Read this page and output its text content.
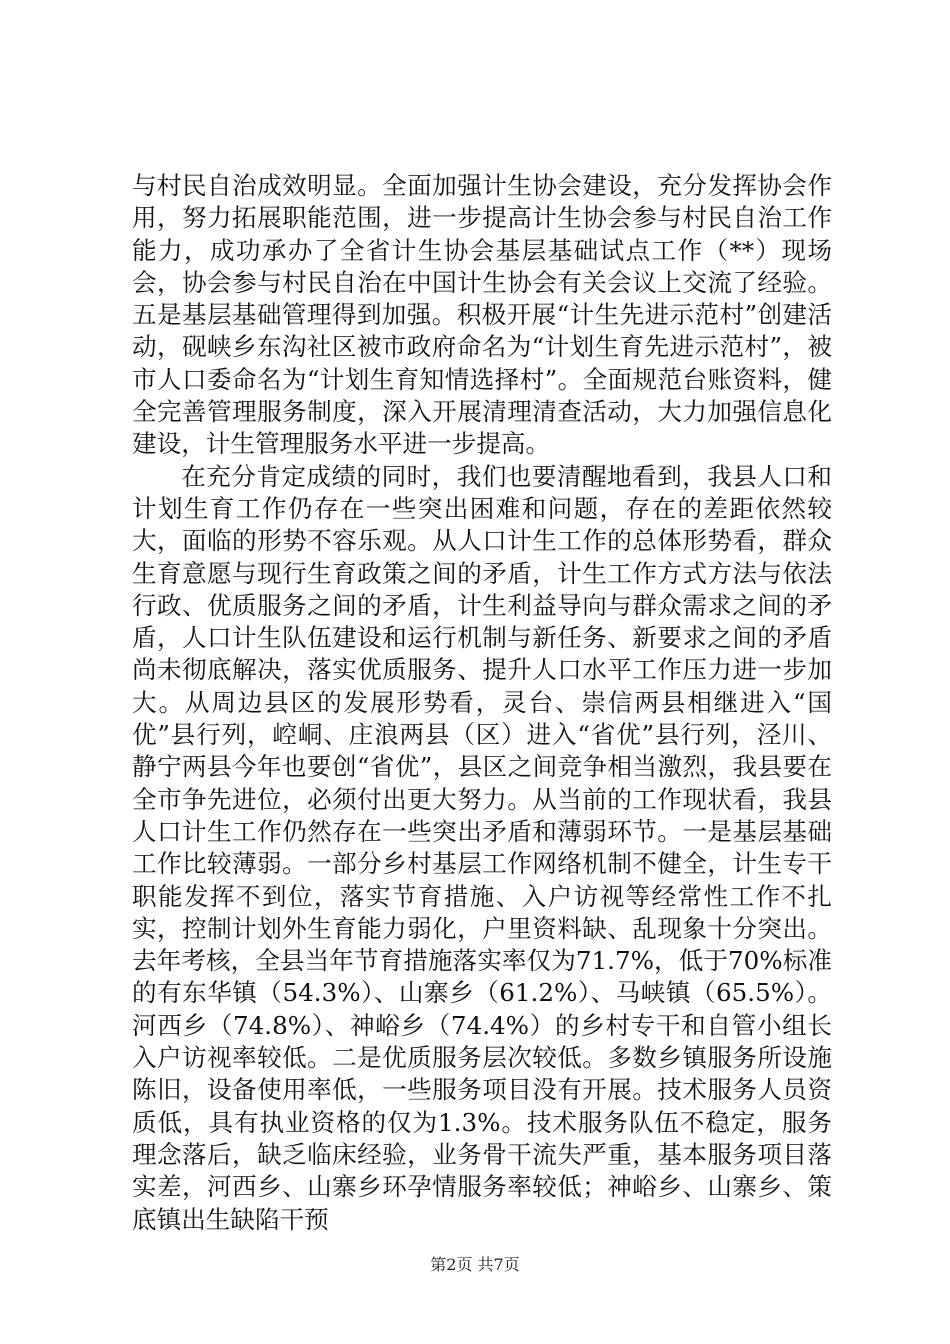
与村民自治成效明显。全面加强计生协会建设，充分发挥协会作用，努力拓展职能范围，进一步提高计生协会参与村民自治工作能力，成功承办了全省计生协会基层基础试点工作（**）现场会，协会参与村民自治在中国计生协会有关会议上交流了经验。五是基层基础管理得到加强。积极开展“计生先进示范村”创建活动，砚峡乡东沟社区被市政府命名为“计划生育先进示范村”，被市人口委命名为“计划生育知情选择村”。全面规范台账资料，健全完善管理服务制度，深入开展清理清查活动，大力加强信息化建设，计生管理服务水平进一步提高。

在充分肯定成绩的同时，我们也要清醒地看到，我县人口和计划生育工作仍存在一些突出困难和问题，存在的差距依然较大，面临的形势不容乐观。从人口计生工作的总体形势看，群众生育意愿与现行生育政策之间的矛盾，计生工作方式方法与依法行政、优质服务之间的矛盾，计生利益导向与群众需求之间的矛盾，人口计生队伍建设和运行机制与新任务、新要求之间的矛盾尚未彻底解决，落实优质服务、提升人口水平工作压力进一步加大。从周边县区的发展形势看，灵台、崇信两县相继进入“国优”县行列，崆峒、庄浪两县（区）进入“省优”县行列，泾川、静宁两县今年也要创“省优”，县区之间竞争相当激烈，我县要在全市争先进位，必须付出更大努力。从当前的工作现状看，我县人口计生工作仍然存在一些突出矛盾和薄弱环节。一是基层基础工作比较薄弱。一部分乡村基层工作网络机制不健全，计生专干职能发挥不到位，落实节育措施、入户访视等经常性工作不扎实，控制计划外生育能力弱化，户里资料缺、乱现象十分突出。去年考核，全县当年节育措施落实率仅为71.7%，低于70%标准的有东华镇（54.3%）、山寨乡（61.2%）、马峡镇（65.5%）。河西乡（74.8%）、神峪乡（74.4%）的乡村专干和自管小组长入户访视率较低。二是优质服务层次较低。多数乡镇服务所设施陈旧，设备使用率低，一些服务项目没有开展。技术服务人员资质低，具有执业资格的仅为1.3%。技术服务队伍不稳定，服务理念落后，缺乏临床经验，业务骨干流失严重，基本服务项目落实差，河西乡、山寨乡环孕情服务率较低；神峪乡、山寨乡、策底镇出生缺陷干预

第2页 共7页
